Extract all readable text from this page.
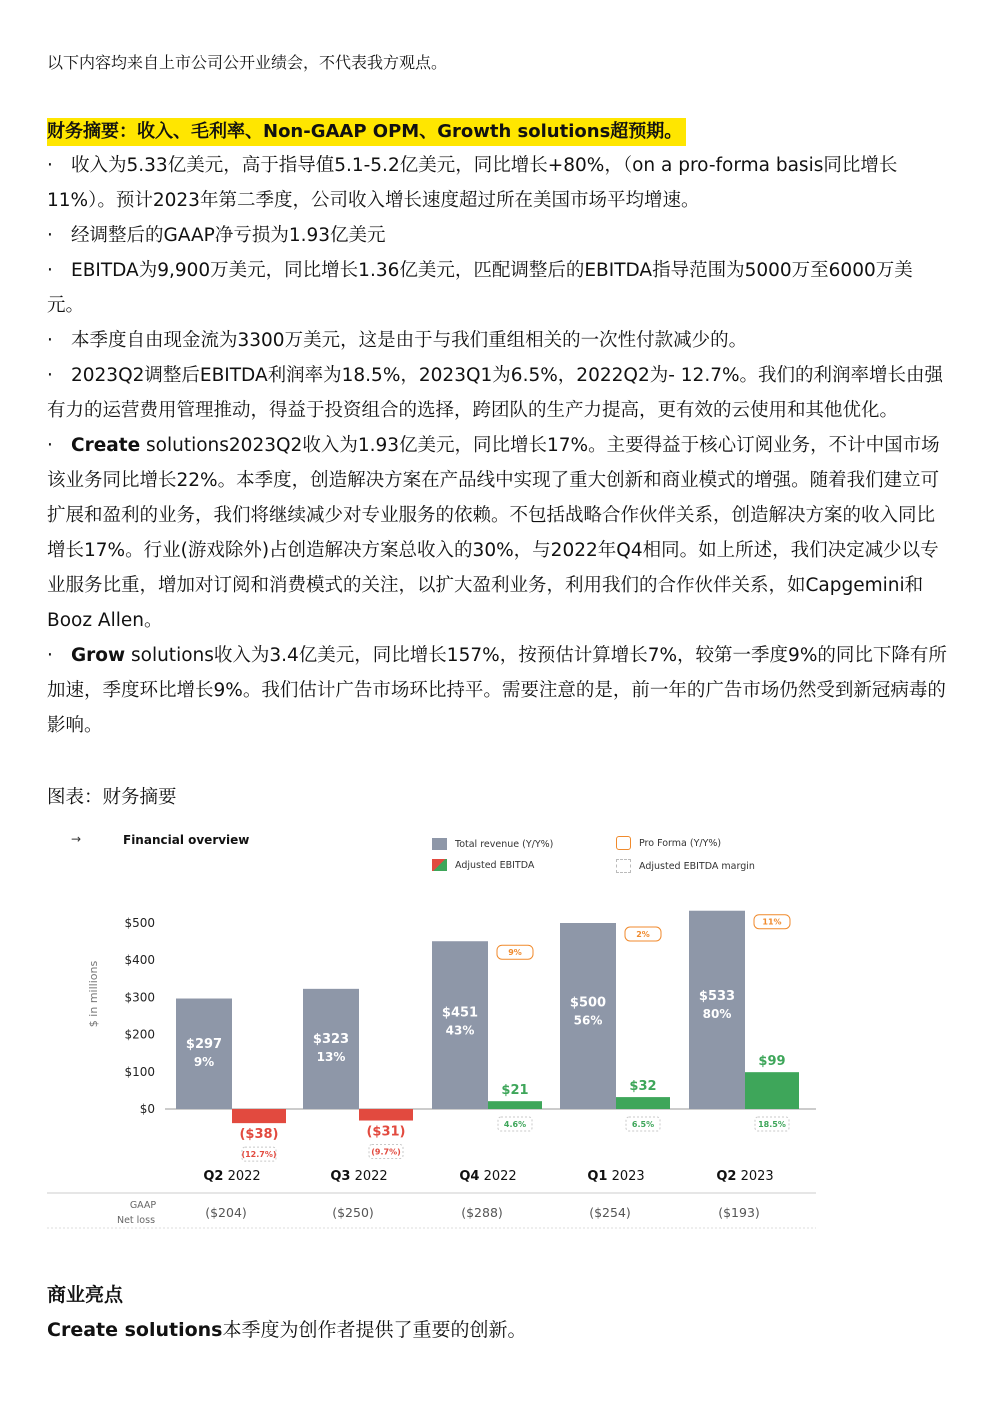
以下内容均来自上市公司公开业绩会，不代表我方观点。
财务摘要：收入、毛利率、Non-GAAP OPM、Growth solutions超预期。

· 收入为5.33亿美元，高于指导值5.1-5.2亿美元，同比增长+80%，（on a pro-forma basis同比增长11%）。预计2023年第二季度，公司收入增长速度超过所在美国市场平均增速。

· 经调整后的GAAP净亏损为1.93亿美元

· EBITDA为9,900万美元，同比增长1.36亿美元，匹配调整后的EBITDA指导范围为5000万至6000万美元。

· 本季度自由现金流为3300万美元，这是由于与我们重组相关的一次性付款减少的。

· 2023Q2调整后EBITDA利润率为18.5%，2023Q1为6.5%，2022Q2为- 12.7%。我们的利润率增长由强有力的运营费用管理推动，得益于投资组合的选择，跨团队的生产力提高，更有效的云使用和其他优化。

· Create solutions2023Q2收入为1.93亿美元，同比增长17%。主要得益于核心订阅业务，不计中国市场该业务同比增长22%。本季度，创造解决方案在产品线中实现了重大创新和商业模式的增强。随着我们建立可扩展和盈利的业务，我们将继续减少对专业服务的依赖。不包括战略合作伙伴关系，创造解决方案的收入同比增长17%。行业(游戏除外)占创造解决方案总收入的30%，与2022年Q4相同。如上所述，我们决定减少以专业服务比重，增加对订阅和消费模式的关注，以扩大盈利业务，利用我们的合作伙伴关系，如Capgemini和Booz Allen。

· Grow solutions收入为3.4亿美元，同比增长157%，按预估计算增长7%，较第一季度9%的同比下降有所加速，季度环比增长9%。我们估计广告市场环比持平。需要注意的是，前一年的广告市场仍然受到新冠病毒的影响。

图表：财务摘要
→	Financial overview	Total revenue (Y/Y%)
Adjusted EBITDA
Pro Forma (Y/Y%)
Adjusted EBITDA margin
$ in millions
$500
$400
$300
$200
$100
$0
$297
9%
($38)
(12.7%)
Q2 2022
($204)
$323
13%
($31)
(9.7%)
Q3 2022
($250)
$451
43%
$21
4.6%
9%
Q4 2022
($288)
$500
56%
$32
6.5%
2%
Q1 2023
($254)
$533
80%
$99
18.5%
11%
Q2 2023
($193)
GAAP
Net loss
商业亮点
Create solutions本季度为创作者提供了重要的创新。
